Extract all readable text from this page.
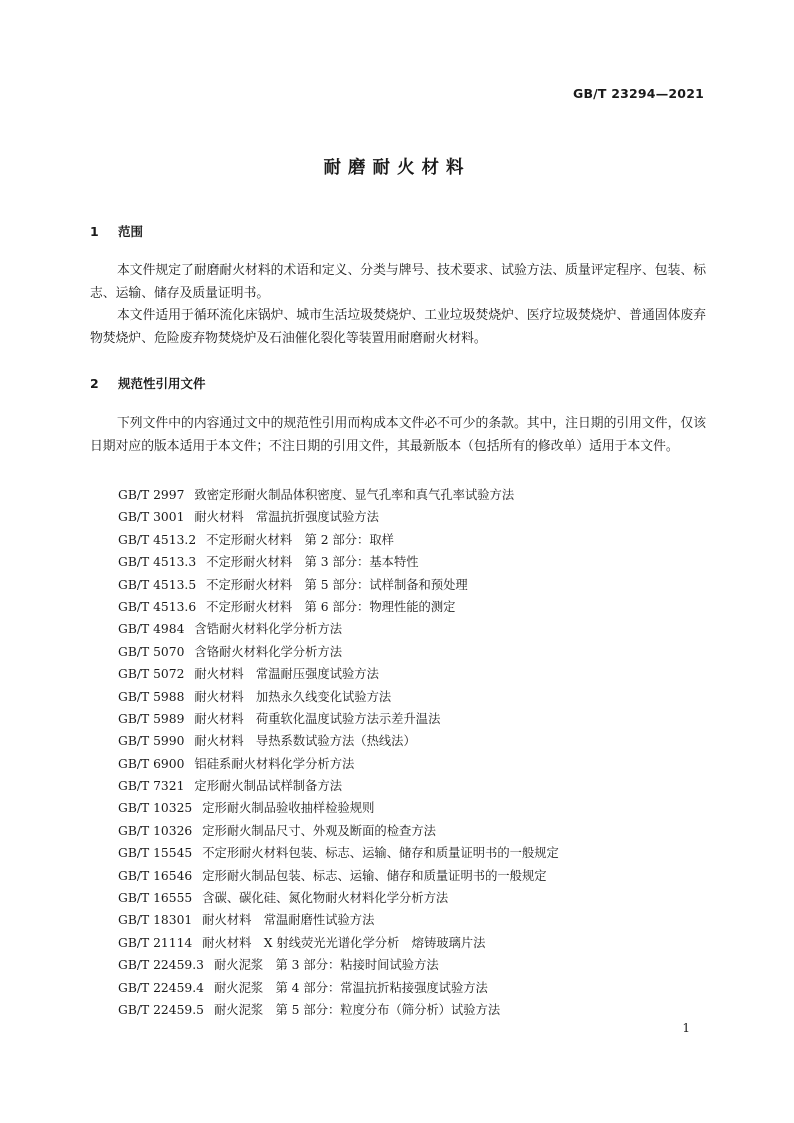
GB/T 23294—2021
耐磨耐火材料
1 范围
本文件规定了耐磨耐火材料的术语和定义、分类与牌号、技术要求、试验方法、质量评定程序、包装、标志、运输、储存及质量证明书。
本文件适用于循环流化床锅炉、城市生活垃圾焚烧炉、工业垃圾焚烧炉、医疗垃圾焚烧炉、普通固体废弃物焚烧炉、危险废弃物焚烧炉及石油催化裂化等装置用耐磨耐火材料。
2 规范性引用文件
下列文件中的内容通过文中的规范性引用而构成本文件必不可少的条款。其中，注日期的引用文件，仅该日期对应的版本适用于本文件；不注日期的引用文件，其最新版本（包括所有的修改单）适用于本文件。
GB/T 2997 致密定形耐火制品体积密度、显气孔率和真气孔率试验方法
GB/T 3001 耐火材料　常温抗折强度试验方法
GB/T 4513.2 不定形耐火材料　第 2 部分：取样
GB/T 4513.3 不定形耐火材料　第 3 部分：基本特性
GB/T 4513.5 不定形耐火材料　第 5 部分：试样制备和预处理
GB/T 4513.6 不定形耐火材料　第 6 部分：物理性能的测定
GB/T 4984 含锆耐火材料化学分析方法
GB/T 5070 含铬耐火材料化学分析方法
GB/T 5072 耐火材料　常温耐压强度试验方法
GB/T 5988 耐火材料　加热永久线变化试验方法
GB/T 5989 耐火材料　荷重软化温度试验方法示差升温法
GB/T 5990 耐火材料　导热系数试验方法（热线法）
GB/T 6900 铝硅系耐火材料化学分析方法
GB/T 7321 定形耐火制品试样制备方法
GB/T 10325 定形耐火制品验收抽样检验规则
GB/T 10326 定形耐火制品尺寸、外观及断面的检查方法
GB/T 15545 不定形耐火材料包装、标志、运输、储存和质量证明书的一般规定
GB/T 16546 定形耐火制品包装、标志、运输、储存和质量证明书的一般规定
GB/T 16555 含碳、碳化硅、氮化物耐火材料化学分析方法
GB/T 18301 耐火材料　常温耐磨性试验方法
GB/T 21114 耐火材料　X 射线荧光光谱化学分析　熔铸玻璃片法
GB/T 22459.3 耐火泥浆　第 3 部分：粘接时间试验方法
GB/T 22459.4 耐火泥浆　第 4 部分：常温抗折粘接强度试验方法
GB/T 22459.5 耐火泥浆　第 5 部分：粒度分布（筛分析）试验方法
1
